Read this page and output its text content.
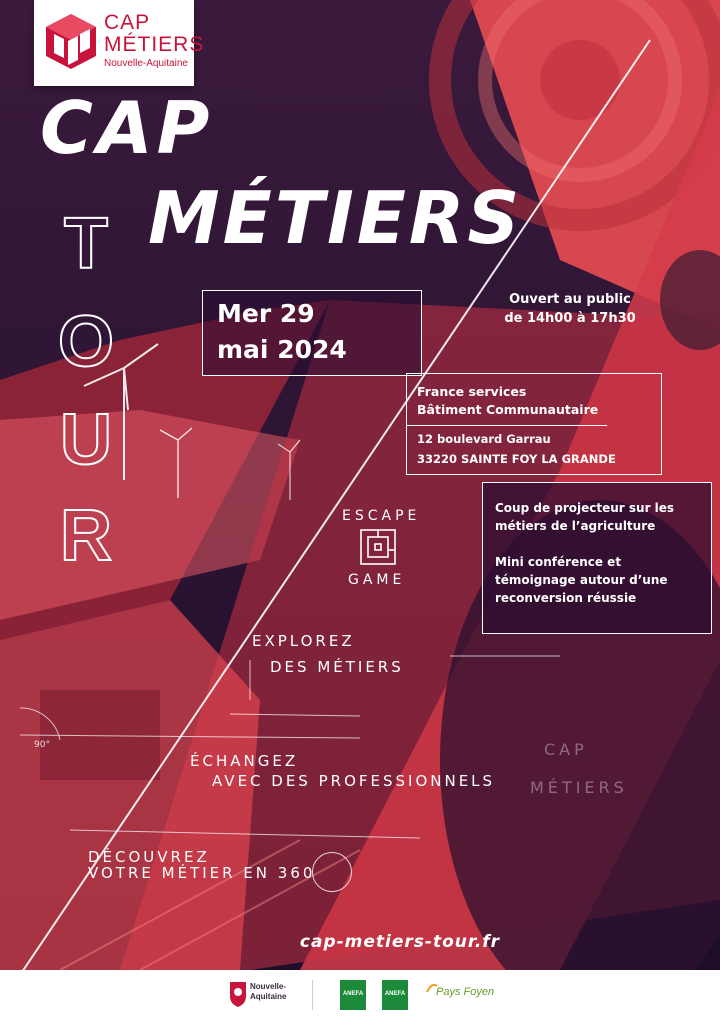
CAP
MÉTIERS
Nouvelle-Aquitaine
CAP
MÉTIERS
T
O
U
R
Mer 29
mai 2024
Ouvert au public
de 14h00 à 17h30
France services
Bâtiment Communautaire
12 boulevard Garrau
33220 SAINTE FOY LA GRANDE
Coup de projecteur sur les métiers de l’agriculture
Mini conférence et témoignage autour d’une reconversion réussie
ESCAPE
GAME
EXPLOREZ
DES MÉTIERS
ÉCHANGEZ
AVEC DES PROFESSIONNELS
DÉCOUVREZ
VOTRE MÉTIER EN 360
90°	CAP
MÉTIERS
cap-metiers-tour.fr
Nouvelle-
Aquitaine	ANEFA	ANEFA	Pays Foyen
